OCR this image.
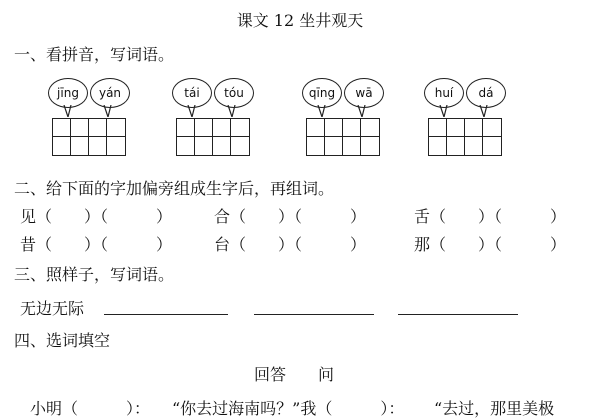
课文 12 坐井观天
一、看拼音，写词语。
jīng	yán	tái	tóu	qīng	wā	huí	dá
二、给下面的字加偏旁组成生字后，再组词。
见（　　）（　　　）	合（　　）（　　　）	舌（　　）（　　　）
昔（　　）（　　　）	台（　　）（　　　）	那（　　）（　　　）
三、照样子，写词语。
无边无际
四、选词填空
回答　　问
小明（　　　）： “你去过海南吗？”我（　　　）： “去过，那里美极
